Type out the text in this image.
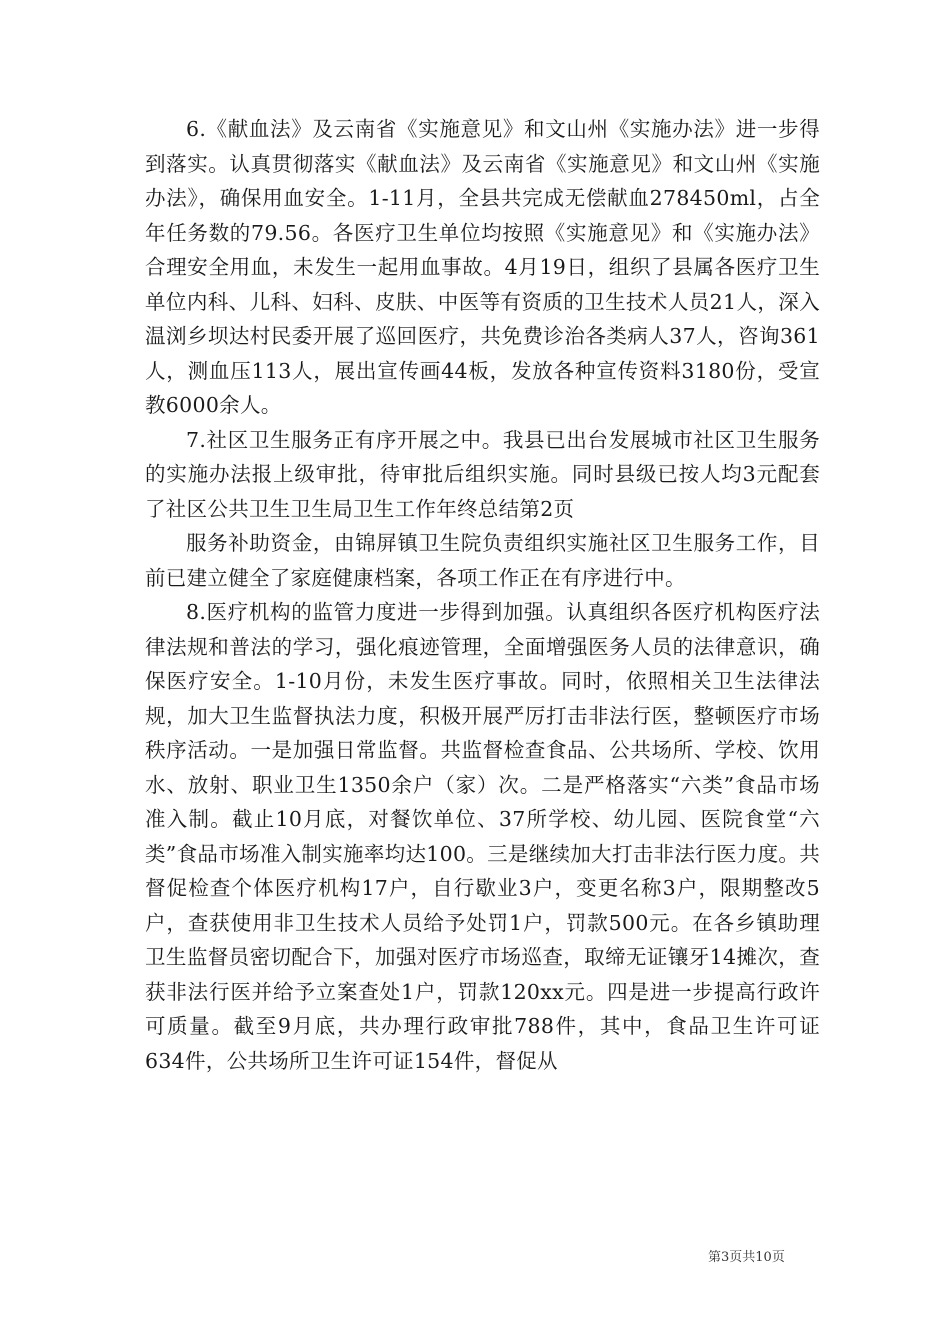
6.《献血法》及云南省《实施意见》和文山州《实施办法》进一步得到落实。认真贯彻落实《献血法》及云南省《实施意见》和文山州《实施办法》，确保用血安全。1-11月，全县共完成无偿献血278450ml，占全年任务数的79.56。各医疗卫生单位均按照《实施意见》和《实施办法》合理安全用血，未发生一起用血事故。4月19日，组织了县属各医疗卫生单位内科、儿科、妇科、皮肤、中医等有资质的卫生技术人员21人，深入温浏乡坝达村民委开展了巡回医疗，共免费诊治各类病人37人，咨询361人，测血压113人，展出宣传画44板，发放各种宣传资料3180份，受宣教6000余人。

7.社区卫生服务正有序开展之中。我县已出台发展城市社区卫生服务的实施办法报上级审批，待审批后组织实施。同时县级已按人均3元配套了社区公共卫生卫生局卫生工作年终总结第2页

服务补助资金，由锦屏镇卫生院负责组织实施社区卫生服务工作，目前已建立健全了家庭健康档案，各项工作正在有序进行中。

8.医疗机构的监管力度进一步得到加强。认真组织各医疗机构医疗法律法规和普法的学习，强化痕迹管理，全面增强医务人员的法律意识，确保医疗安全。1-10月份，未发生医疗事故。同时，依照相关卫生法律法规，加大卫生监督执法力度，积极开展严厉打击非法行医，整顿医疗市场秩序活动。一是加强日常监督。共监督检查食品、公共场所、学校、饮用水、放射、职业卫生1350余户（家）次。二是严格落实“六类”食品市场准入制。截止10月底，对餐饮单位、37所学校、幼儿园、医院食堂“六类”食品市场准入制实施率均达100。三是继续加大打击非法行医力度。共督促检查个体医疗机构17户，自行歇业3户，变更名称3户，限期整改5户，查获使用非卫生技术人员给予处罚1户，罚款500元。在各乡镇助理卫生监督员密切配合下，加强对医疗市场巡查，取缔无证镶牙14摊次，查获非法行医并给予立案查处1户，罚款120xx元。四是进一步提高行政许可质量。截至9月底，共办理行政审批788件，其中，食品卫生许可证634件，公共场所卫生许可证154件，督促从

第3页共10页
